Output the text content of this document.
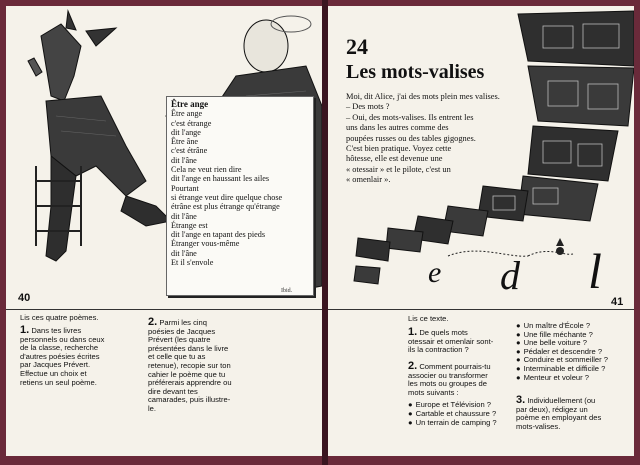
Être ange
Être ange
c'est étrange
dit l'ange
Être âne
c'est étrâne
dit l'âne
Cela ne veut rien dire
dit l'ange en haussant les ailes
Pourtant
si étrange veut dire quelque chose
étrâne est plus étrange qu'étrange
dit l'âne
Étrange est
dit l'ange en tapant des pieds
Étranger vous-même
dit l'âne
Et il s'envole
Ibid.
40
Lis ces quatre poèmes.
1. Dans tes livres
personnels ou dans ceux
de la classe, recherche
d'autres poésies écrites
par Jacques Prévert.
Effectue un choix et
retiens un seul poème.
2. Parmi les cinq
poésies de Jacques
Prévert (les quatre
présentées dans le livre
et celle que tu as
retenue), recopie sur ton
cahier le poème que tu
préférerais apprendre ou
dire devant tes
camarades, puis illustre-
le.
24
Les mots-valises
Moi, dit Alice, j'ai des mots plein mes valises.
– Des mots ?
– Oui, des mots-valises. Ils entrent les
uns dans les autres comme des
poupées russes ou des tables gigognes.
C'est bien pratique. Voyez cette
hôtesse, elle est devenue une
« otessair » et le pilote, c'est un
« omenlair ».
e d l
41
Lis ce texte.
1. De quels mots
otessair et omenlair sont-
ils la contraction ?
2. Comment pourrais-tu
associer ou transformer
les mots ou groupes de
mots suivants :
● Europe et Télévision ?
● Cartable et chaussure ?
● Un terrain de camping ?
● Un maître d'École ?
● Une fille méchante ?
● Une belle voiture ?
● Pédaler et descendre ?
● Conduire et sommeiller ?
● Interminable et difficile ?
● Menteur et voleur ?
3. Individuellement (ou
par deux), rédigez un
poème en employant des
mots-valises.
